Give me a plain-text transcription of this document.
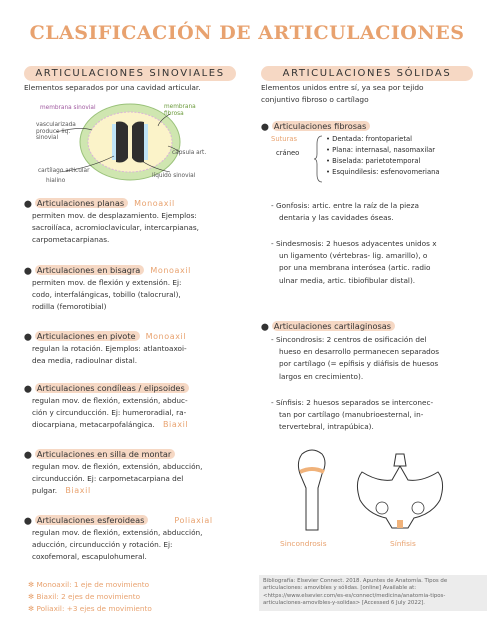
CLASIFICACIÓN DE ARTICULACIONES
ARTICULACIONES SINOVIALES
Elementos separados por una cavidad articular.
membrana sinovial
vascularizada produce liq. sinovial
membrana fibrosa
cápsula art.
cartílago articular
hialino
líquido sinovial
⬤ Articulaciones planas Monoaxil
permiten mov. de desplazamiento. Ejemplos:
sacroilíaca, acromioclavicular, intercarpianas,
carpometacarpianas.
⬤ Articulaciones en bisagra Monoaxil
permiten mov. de flexión y extensión. Ej:
codo, interfalángicas, tobillo (talocrural),
rodilla (femorotibial)
⬤ Articulaciones en pivote Monoaxil
regulan la rotación. Ejemplos: atlantoaxoi-
dea media, radioulnar distal.
⬤ Articulaciones condíleas / elipsoides
regulan mov. de flexión, extensión, abduc-
ción y circunducción. Ej: humeroradial, ra-
diocarpiana, metacarpofalángica. Biaxil
⬤ Articulaciones en silla de montar
regulan mov. de flexión, extensión, abducción,
circunducción. Ej: carpometacarpiana del
pulgar. Biaxil
⬤ Articulaciones esferoideas	Poliaxial
regulan mov. de flexión, extensión, abducción,
aducción, circunducción y rotación. Ej:
coxofemoral, escapulohumeral.
✻ Monoaxil: 1 eje de movimiento
✻ Biaxil: 2 ejes de movimiento
✻ Poliaxil: +3 ejes de movimiento
ARTICULACIONES SÓLIDAS
Elementos unidos entre sí, ya sea por tejido
conjuntivo fibroso o cartílago
⬤ Articulaciones fibrosas
Suturas
cráneo
• Dentada: frontoparietal
• Plana: internasal, nasomaxilar
• Biselada: parietotemporal
• Esquindilesis: esfenovomeriana
- Gonfosis: artic. entre la raíz de la pieza
dentaria y las cavidades óseas.
- Sindesmosis: 2 huesos adyacentes unidos x
un ligamento (vértebras- lig. amarillo), o
por una membrana interósea (artic. radio
ulnar media, artic. tibiofibular distal).
⬤ Articulaciones cartilaginosas
- Sincondrosis: 2 centros de osificación del
hueso en desarrollo permanecen separados
por cartílago (= epífisis y diáfisis de huesos
largos en crecimiento).
- Sínfisis: 2 huesos separados se interconec-
tan por cartílago (manubrioesternal, in-
tervertebral, intrapúbica).
Sincondrosis	Sínfisis
Bibliografía: Elsevier Connect. 2018. Apuntes de Anatomía. Tipos de articulaciones: amovibles y sólidas. [online] Available at: <https://www.elsevier.com/es-es/connect/medicina/anatomia-tipos-articulaciones-amovibles-y-solidas> [Accessed 6 July 2022].
